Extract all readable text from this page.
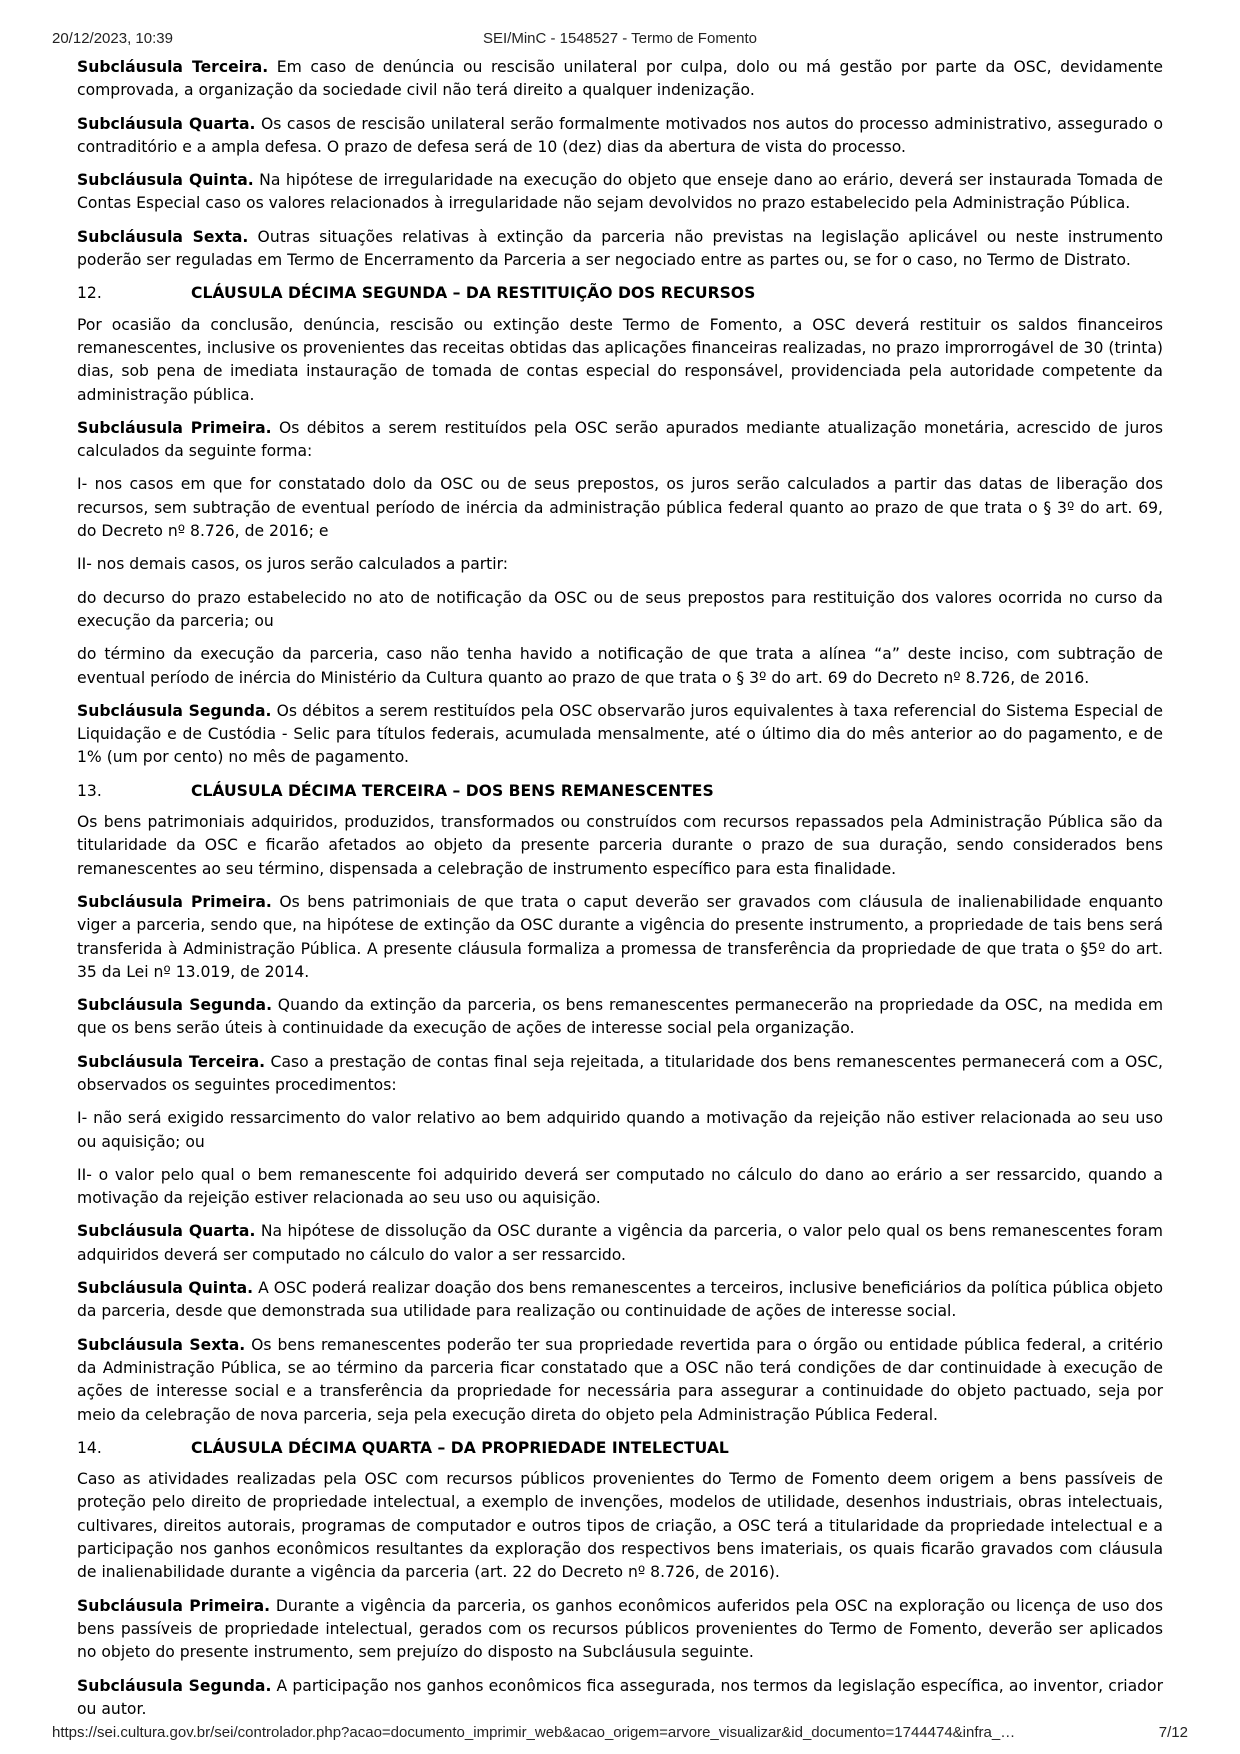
20/12/2023, 10:39	SEI/MinC - 1548527 - Termo de Fomento

Subcláusula Terceira. Em caso de denúncia ou rescisão unilateral por culpa, dolo ou má gestão por parte da OSC, devidamente comprovada, a organização da sociedade civil não terá direito a qualquer indenização.

Subcláusula Quarta. Os casos de rescisão unilateral serão formalmente motivados nos autos do processo administrativo, assegurado o contraditório e a ampla defesa. O prazo de defesa será de 10 (dez) dias da abertura de vista do processo.

Subcláusula Quinta. Na hipótese de irregularidade na execução do objeto que enseje dano ao erário, deverá ser instaurada Tomada de Contas Especial caso os valores relacionados à irregularidade não sejam devolvidos no prazo estabelecido pela Administração Pública.

Subcláusula Sexta. Outras situações relativas à extinção da parceria não previstas na legislação aplicável ou neste instrumento poderão ser reguladas em Termo de Encerramento da Parceria a ser negociado entre as partes ou, se for o caso, no Termo de Distrato.

12.	CLÁUSULA DÉCIMA SEGUNDA – DA RESTITUIÇÃO DOS RECURSOS

Por ocasião da conclusão, denúncia, rescisão ou extinção deste Termo de Fomento, a OSC deverá restituir os saldos financeiros remanescentes, inclusive os provenientes das receitas obtidas das aplicações financeiras realizadas, no prazo improrrogável de 30 (trinta) dias, sob pena de imediata instauração de tomada de contas especial do responsável, providenciada pela autoridade competente da administração pública.

Subcláusula Primeira. Os débitos a serem restituídos pela OSC serão apurados mediante atualização monetária, acrescido de juros calculados da seguinte forma:

I- nos casos em que for constatado dolo da OSC ou de seus prepostos, os juros serão calculados a partir das datas de liberação dos recursos, sem subtração de eventual período de inércia da administração pública federal quanto ao prazo de que trata o § 3º do art. 69, do Decreto nº 8.726, de 2016; e

II- nos demais casos, os juros serão calculados a partir:

do decurso do prazo estabelecido no ato de notificação da OSC ou de seus prepostos para restituição dos valores ocorrida no curso da execução da parceria; ou

do término da execução da parceria, caso não tenha havido a notificação de que trata a alínea “a” deste inciso, com subtração de eventual período de inércia do Ministério da Cultura quanto ao prazo de que trata o § 3º do art. 69 do Decreto nº 8.726, de 2016.

Subcláusula Segunda. Os débitos a serem restituídos pela OSC observarão juros equivalentes à taxa referencial do Sistema Especial de Liquidação e de Custódia - Selic para títulos federais, acumulada mensalmente, até o último dia do mês anterior ao do pagamento, e de 1% (um por cento) no mês de pagamento.

13.	CLÁUSULA DÉCIMA TERCEIRA – DOS BENS REMANESCENTES

Os bens patrimoniais adquiridos, produzidos, transformados ou construídos com recursos repassados pela Administração Pública são da titularidade da OSC e ficarão afetados ao objeto da presente parceria durante o prazo de sua duração, sendo considerados bens remanescentes ao seu término, dispensada a celebração de instrumento específico para esta finalidade.

Subcláusula Primeira. Os bens patrimoniais de que trata o caput deverão ser gravados com cláusula de inalienabilidade enquanto viger a parceria, sendo que, na hipótese de extinção da OSC durante a vigência do presente instrumento, a propriedade de tais bens será transferida à Administração Pública. A presente cláusula formaliza a promessa de transferência da propriedade de que trata o §5º do art. 35 da Lei nº 13.019, de 2014.

Subcláusula Segunda. Quando da extinção da parceria, os bens remanescentes permanecerão na propriedade da OSC, na medida em que os bens serão úteis à continuidade da execução de ações de interesse social pela organização.

Subcláusula Terceira. Caso a prestação de contas final seja rejeitada, a titularidade dos bens remanescentes permanecerá com a OSC, observados os seguintes procedimentos:

I- não será exigido ressarcimento do valor relativo ao bem adquirido quando a motivação da rejeição não estiver relacionada ao seu uso ou aquisição; ou

II- o valor pelo qual o bem remanescente foi adquirido deverá ser computado no cálculo do dano ao erário a ser ressarcido, quando a motivação da rejeição estiver relacionada ao seu uso ou aquisição.

Subcláusula Quarta. Na hipótese de dissolução da OSC durante a vigência da parceria, o valor pelo qual os bens remanescentes foram adquiridos deverá ser computado no cálculo do valor a ser ressarcido.

Subcláusula Quinta. A OSC poderá realizar doação dos bens remanescentes a terceiros, inclusive beneficiários da política pública objeto da parceria, desde que demonstrada sua utilidade para realização ou continuidade de ações de interesse social.

Subcláusula Sexta. Os bens remanescentes poderão ter sua propriedade revertida para o órgão ou entidade pública federal, a critério da Administração Pública, se ao término da parceria ficar constatado que a OSC não terá condições de dar continuidade à execução de ações de interesse social e a transferência da propriedade for necessária para assegurar a continuidade do objeto pactuado, seja por meio da celebração de nova parceria, seja pela execução direta do objeto pela Administração Pública Federal.

14.	CLÁUSULA DÉCIMA QUARTA – DA PROPRIEDADE INTELECTUAL

Caso as atividades realizadas pela OSC com recursos públicos provenientes do Termo de Fomento deem origem a bens passíveis de proteção pelo direito de propriedade intelectual, a exemplo de invenções, modelos de utilidade, desenhos industriais, obras intelectuais, cultivares, direitos autorais, programas de computador e outros tipos de criação, a OSC terá a titularidade da propriedade intelectual e a participação nos ganhos econômicos resultantes da exploração dos respectivos bens imateriais, os quais ficarão gravados com cláusula de inalienabilidade durante a vigência da parceria (art. 22 do Decreto nº 8.726, de 2016).

Subcláusula Primeira. Durante a vigência da parceria, os ganhos econômicos auferidos pela OSC na exploração ou licença de uso dos bens passíveis de propriedade intelectual, gerados com os recursos públicos provenientes do Termo de Fomento, deverão ser aplicados no objeto do presente instrumento, sem prejuízo do disposto na Subcláusula seguinte.

Subcláusula Segunda. A participação nos ganhos econômicos fica assegurada, nos termos da legislação específica, ao inventor, criador ou autor.

https://sei.cultura.gov.br/sei/controlador.php?acao=documento_imprimir_web&acao_origem=arvore_visualizar&id_documento=1744474&infra_…	7/12
